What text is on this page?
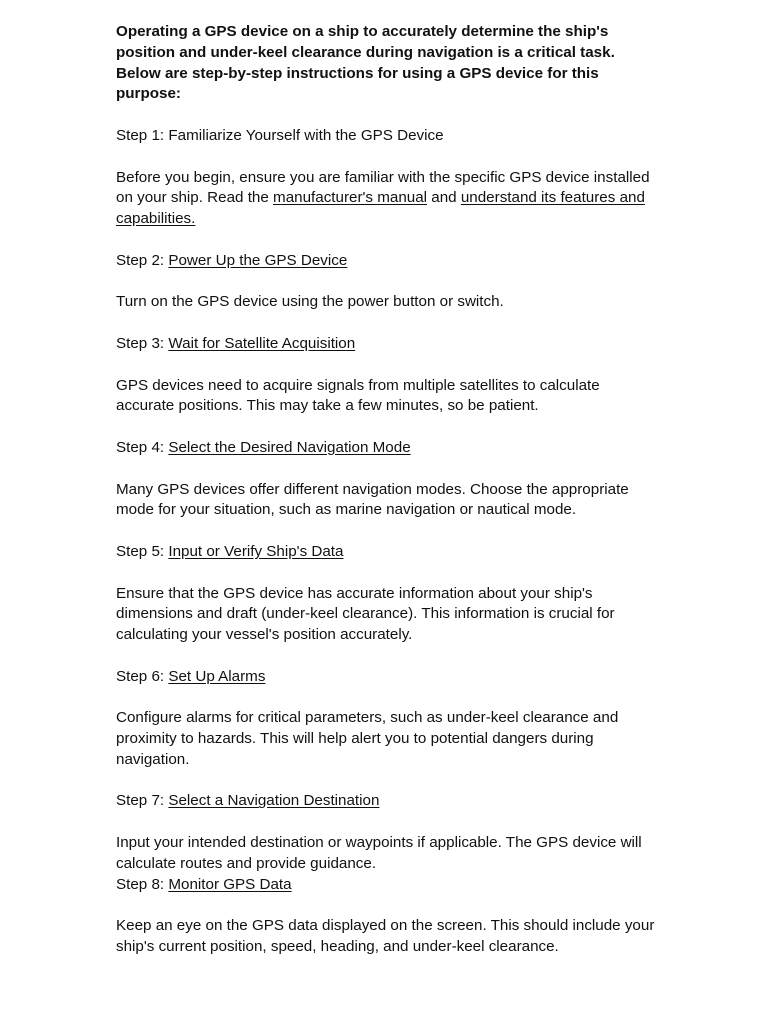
Operating a GPS device on a ship to accurately determine the ship's position and under-keel clearance during navigation is a critical task. Below are step-by-step instructions for using a GPS device for this purpose:

Step 1: Familiarize Yourself with the GPS Device

Before you begin, ensure you are familiar with the specific GPS device installed on your ship. Read the manufacturer's manual and understand its features and capabilities.

Step 2: Power Up the GPS Device

Turn on the GPS device using the power button or switch.

Step 3: Wait for Satellite Acquisition

GPS devices need to acquire signals from multiple satellites to calculate accurate positions. This may take a few minutes, so be patient.

Step 4: Select the Desired Navigation Mode

Many GPS devices offer different navigation modes. Choose the appropriate mode for your situation, such as marine navigation or nautical mode.

Step 5: Input or Verify Ship's Data

Ensure that the GPS device has accurate information about your ship's dimensions and draft (under-keel clearance). This information is crucial for calculating your vessel's position accurately.

Step 6: Set Up Alarms

Configure alarms for critical parameters, such as under-keel clearance and proximity to hazards. This will help alert you to potential dangers during navigation.

Step 7: Select a Navigation Destination

Input your intended destination or waypoints if applicable. The GPS device will calculate routes and provide guidance.

Step 8: Monitor GPS Data

Keep an eye on the GPS data displayed on the screen. This should include your ship's current position, speed, heading, and under-keel clearance.
